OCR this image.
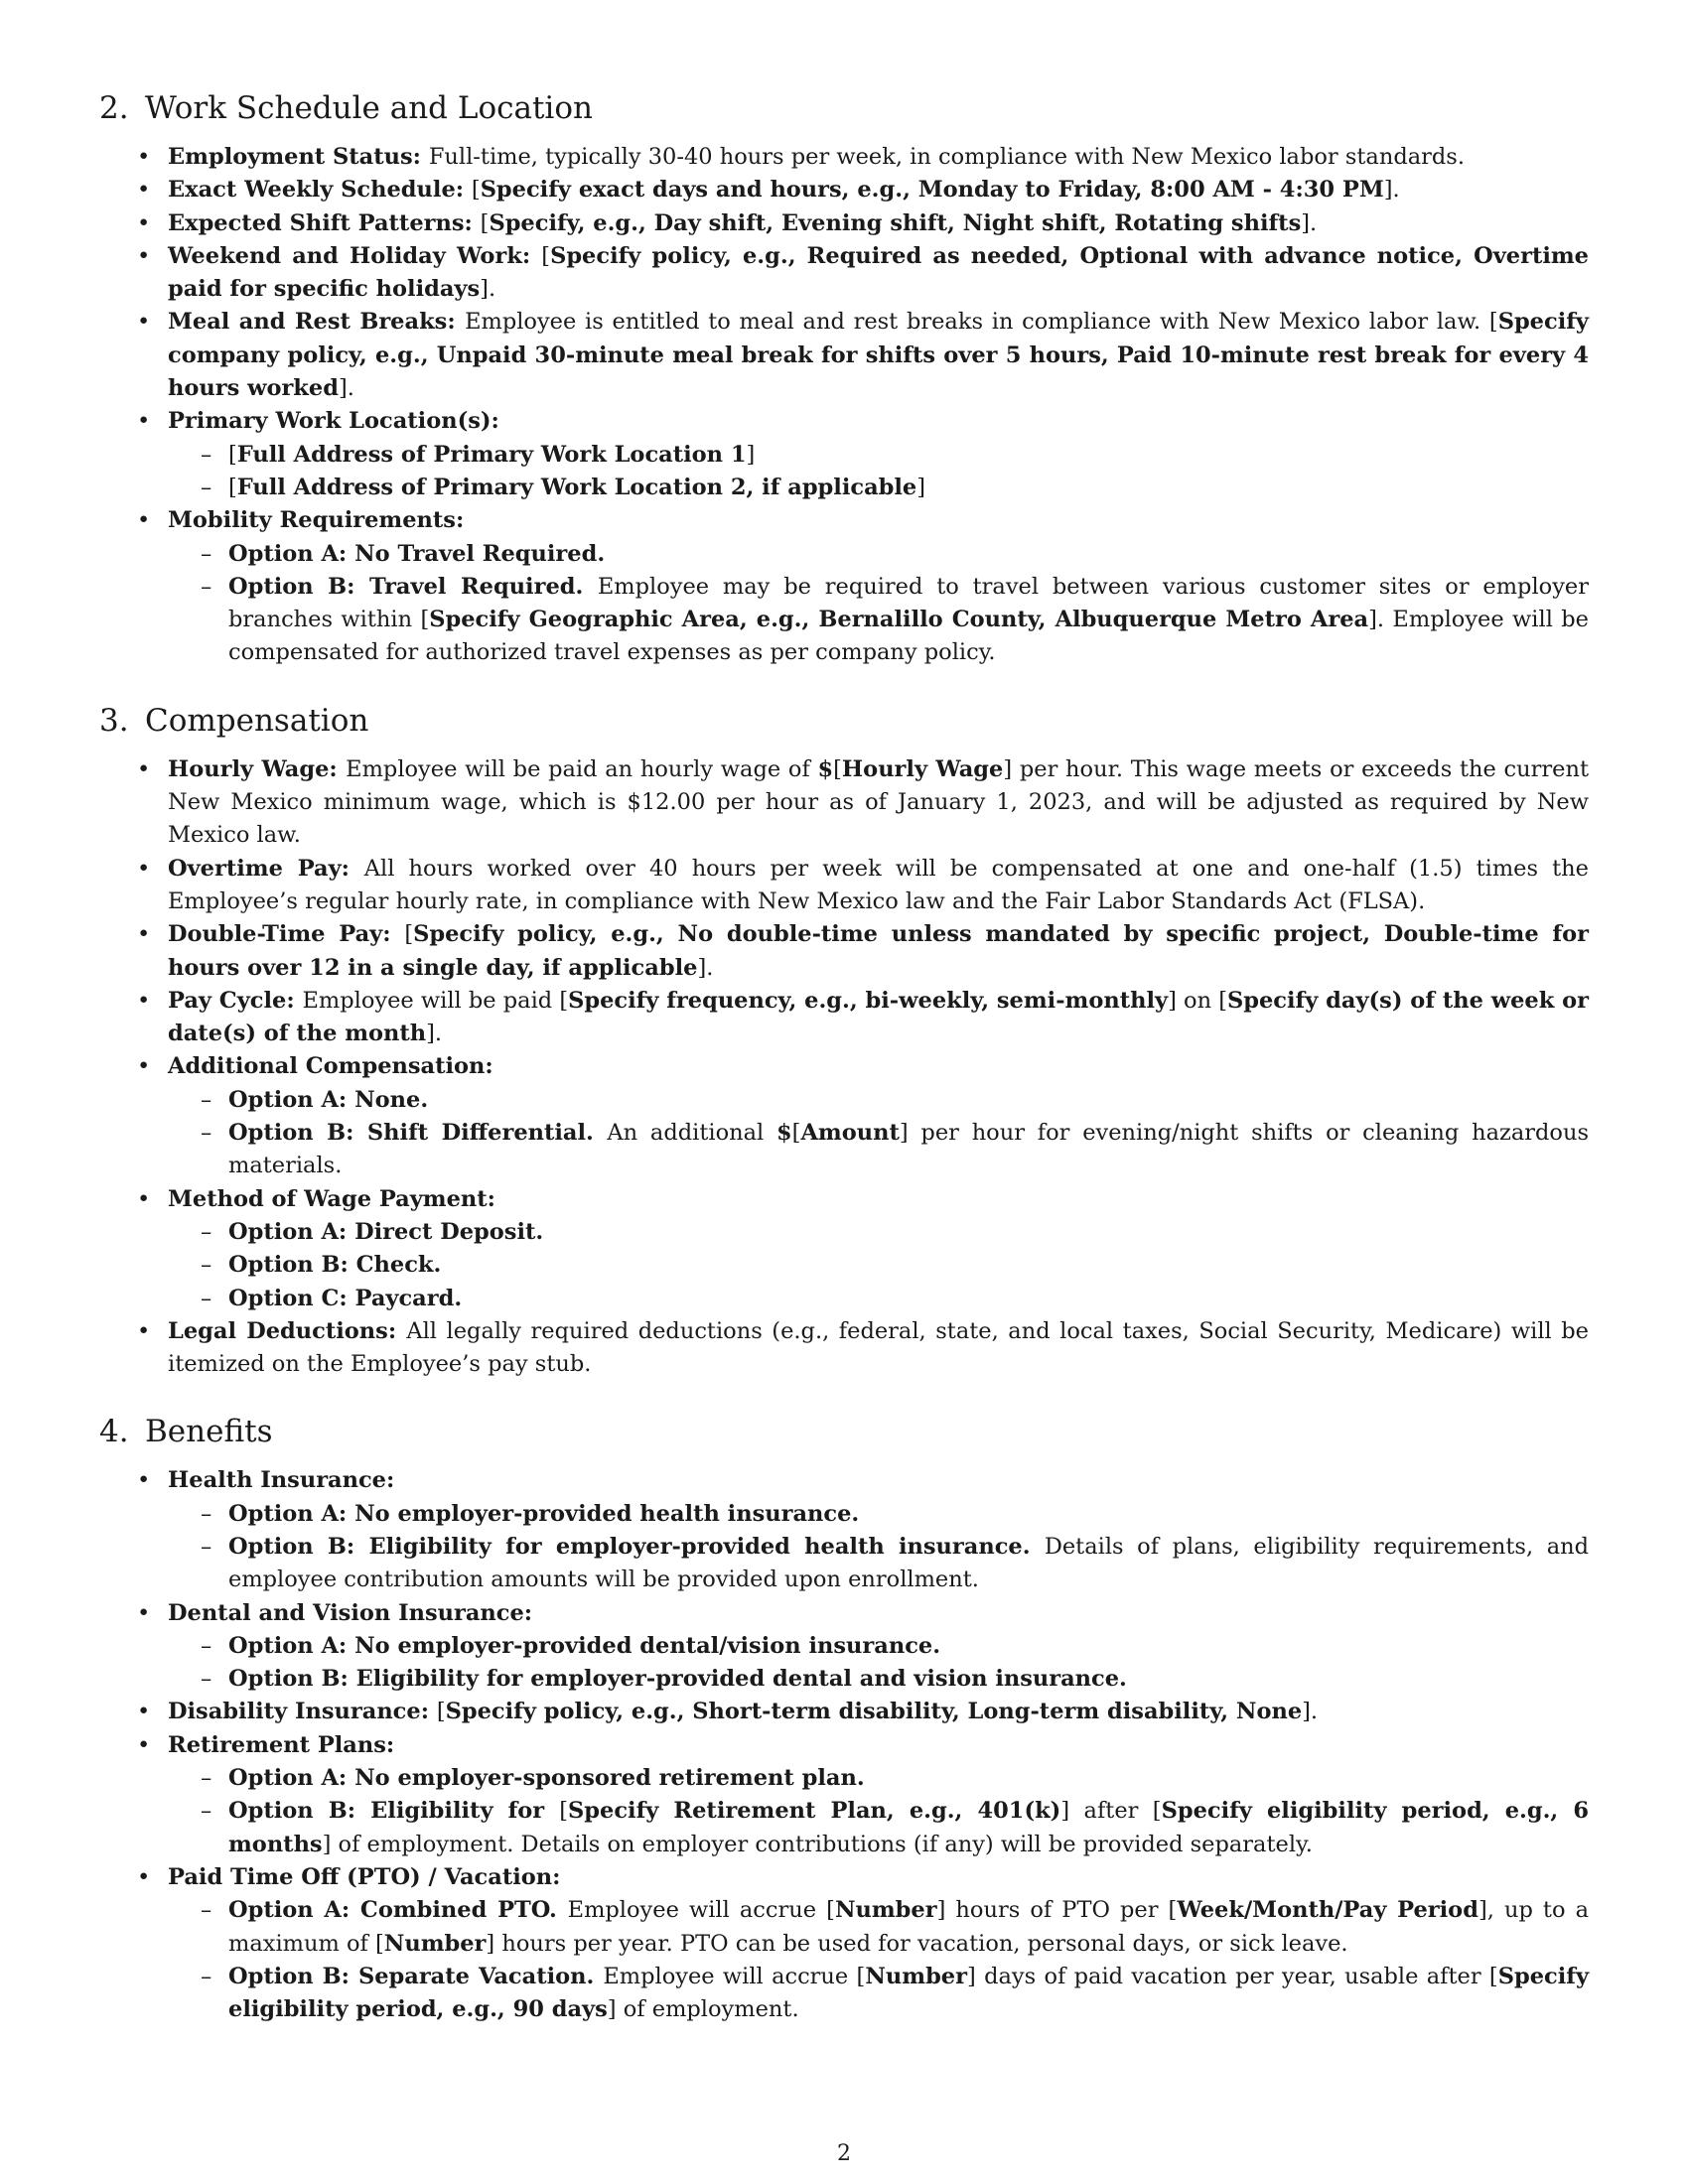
2. Work Schedule and Location
• Employment Status: Full-time, typically 30-40 hours per week, in compliance with New Mexico labor standards.
• Exact Weekly Schedule: [Specify exact days and hours, e.g., Monday to Friday, 8:00 AM - 4:30 PM].
• Expected Shift Patterns: [Specify, e.g., Day shift, Evening shift, Night shift, Rotating shifts].
• Weekend and Holiday Work: [Specify policy, e.g., Required as needed, Optional with advance notice, Overtime paid for specific holidays].
• Meal and Rest Breaks: Employee is entitled to meal and rest breaks in compliance with New Mexico labor law. [Specify company policy, e.g., Unpaid 30-minute meal break for shifts over 5 hours, Paid 10-minute rest break for every 4 hours worked].
• Primary Work Location(s):
– [Full Address of Primary Work Location 1]
– [Full Address of Primary Work Location 2, if applicable]
• Mobility Requirements:
– Option A: No Travel Required.
– Option B: Travel Required. Employee may be required to travel between various customer sites or employer branches within [Specify Geographic Area, e.g., Bernalillo County, Albuquerque Metro Area]. Employee will be compensated for authorized travel expenses as per company policy.
3. Compensation
• Hourly Wage: Employee will be paid an hourly wage of $[Hourly Wage] per hour. This wage meets or exceeds the current New Mexico minimum wage, which is $12.00 per hour as of January 1, 2023, and will be adjusted as required by New Mexico law.
• Overtime Pay: All hours worked over 40 hours per week will be compensated at one and one-half (1.5) times the Employee’s regular hourly rate, in compliance with New Mexico law and the Fair Labor Standards Act (FLSA).
• Double-Time Pay: [Specify policy, e.g., No double-time unless mandated by specific project, Double-time for hours over 12 in a single day, if applicable].
• Pay Cycle: Employee will be paid [Specify frequency, e.g., bi-weekly, semi-monthly] on [Specify day(s) of the week or date(s) of the month].
• Additional Compensation:
– Option A: None.
– Option B: Shift Differential. An additional $[Amount] per hour for evening/night shifts or cleaning hazardous materials.
• Method of Wage Payment:
– Option A: Direct Deposit.
– Option B: Check.
– Option C: Paycard.
• Legal Deductions: All legally required deductions (e.g., federal, state, and local taxes, Social Security, Medicare) will be itemized on the Employee’s pay stub.
4. Benefits
• Health Insurance:
– Option A: No employer-provided health insurance.
– Option B: Eligibility for employer-provided health insurance. Details of plans, eligibility requirements, and employee contribution amounts will be provided upon enrollment.
• Dental and Vision Insurance:
– Option A: No employer-provided dental/vision insurance.
– Option B: Eligibility for employer-provided dental and vision insurance.
• Disability Insurance: [Specify policy, e.g., Short-term disability, Long-term disability, None].
• Retirement Plans:
– Option A: No employer-sponsored retirement plan.
– Option B: Eligibility for [Specify Retirement Plan, e.g., 401(k)] after [Specify eligibility period, e.g., 6 months] of employment. Details on employer contributions (if any) will be provided separately.
• Paid Time Off (PTO) / Vacation:
– Option A: Combined PTO. Employee will accrue [Number] hours of PTO per [Week/Month/Pay Period], up to a maximum of [Number] hours per year. PTO can be used for vacation, personal days, or sick leave.
– Option B: Separate Vacation. Employee will accrue [Number] days of paid vacation per year, usable after [Specify eligibility period, e.g., 90 days] of employment.
2
